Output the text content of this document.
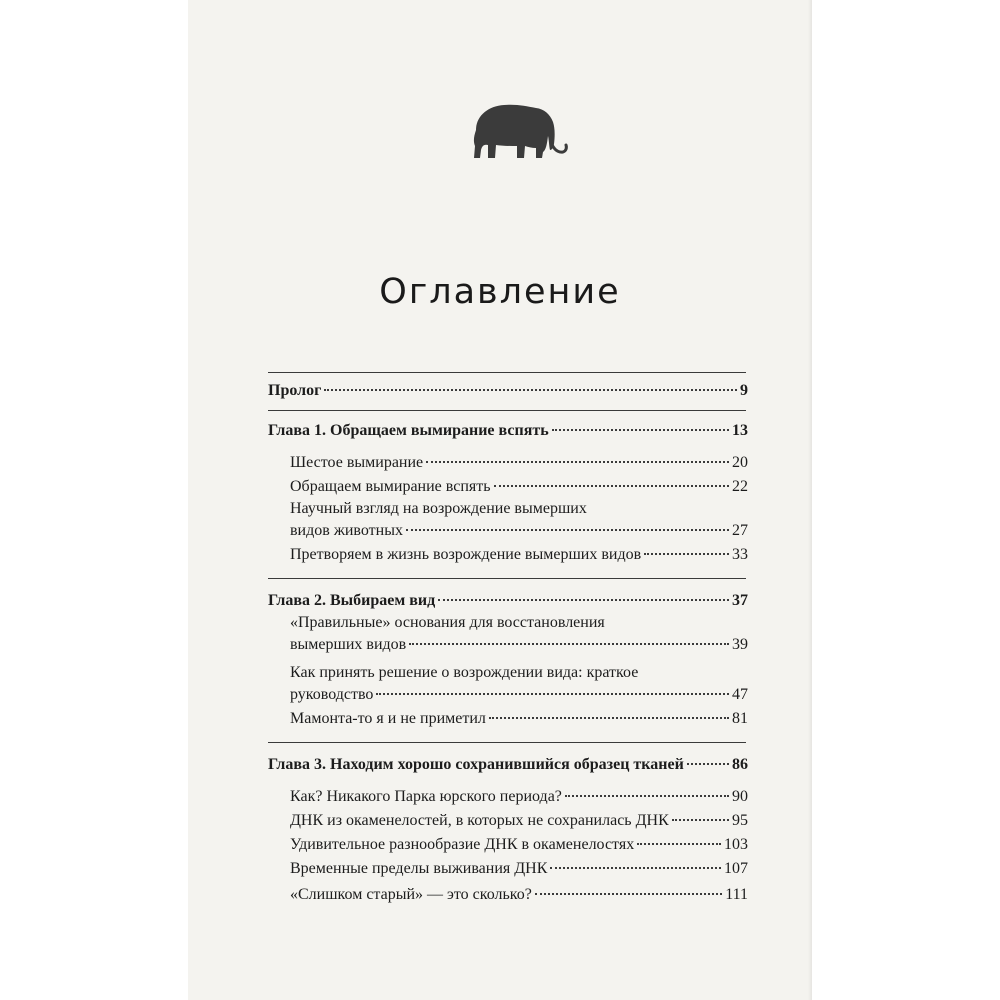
Оглавление
Пролог	9
Глава 1. Обращаем вымирание вспять	13
Шестое вымирание	20
Обращаем вымирание вспять	22
Научный взгляд на возрождение вымерших
видов животных	27
Претворяем в жизнь возрождение вымерших видов	33
Глава 2. Выбираем вид	37
«Правильные» основания для восстановления
вымерших видов	39
Как принять решение о возрождении вида: краткое
руководство	47
Мамонта-то я и не приметил	81
Глава 3. Находим хорошо сохранившийся образец тканей	86
Как? Никакого Парка юрского периода?	90
ДНК из окаменелостей, в которых не сохранилась ДНК	95
Удивительное разнообразие ДНК в окаменелостях	103
Временные пределы выживания ДНК	107
«Слишком старый» — это сколько?	111
